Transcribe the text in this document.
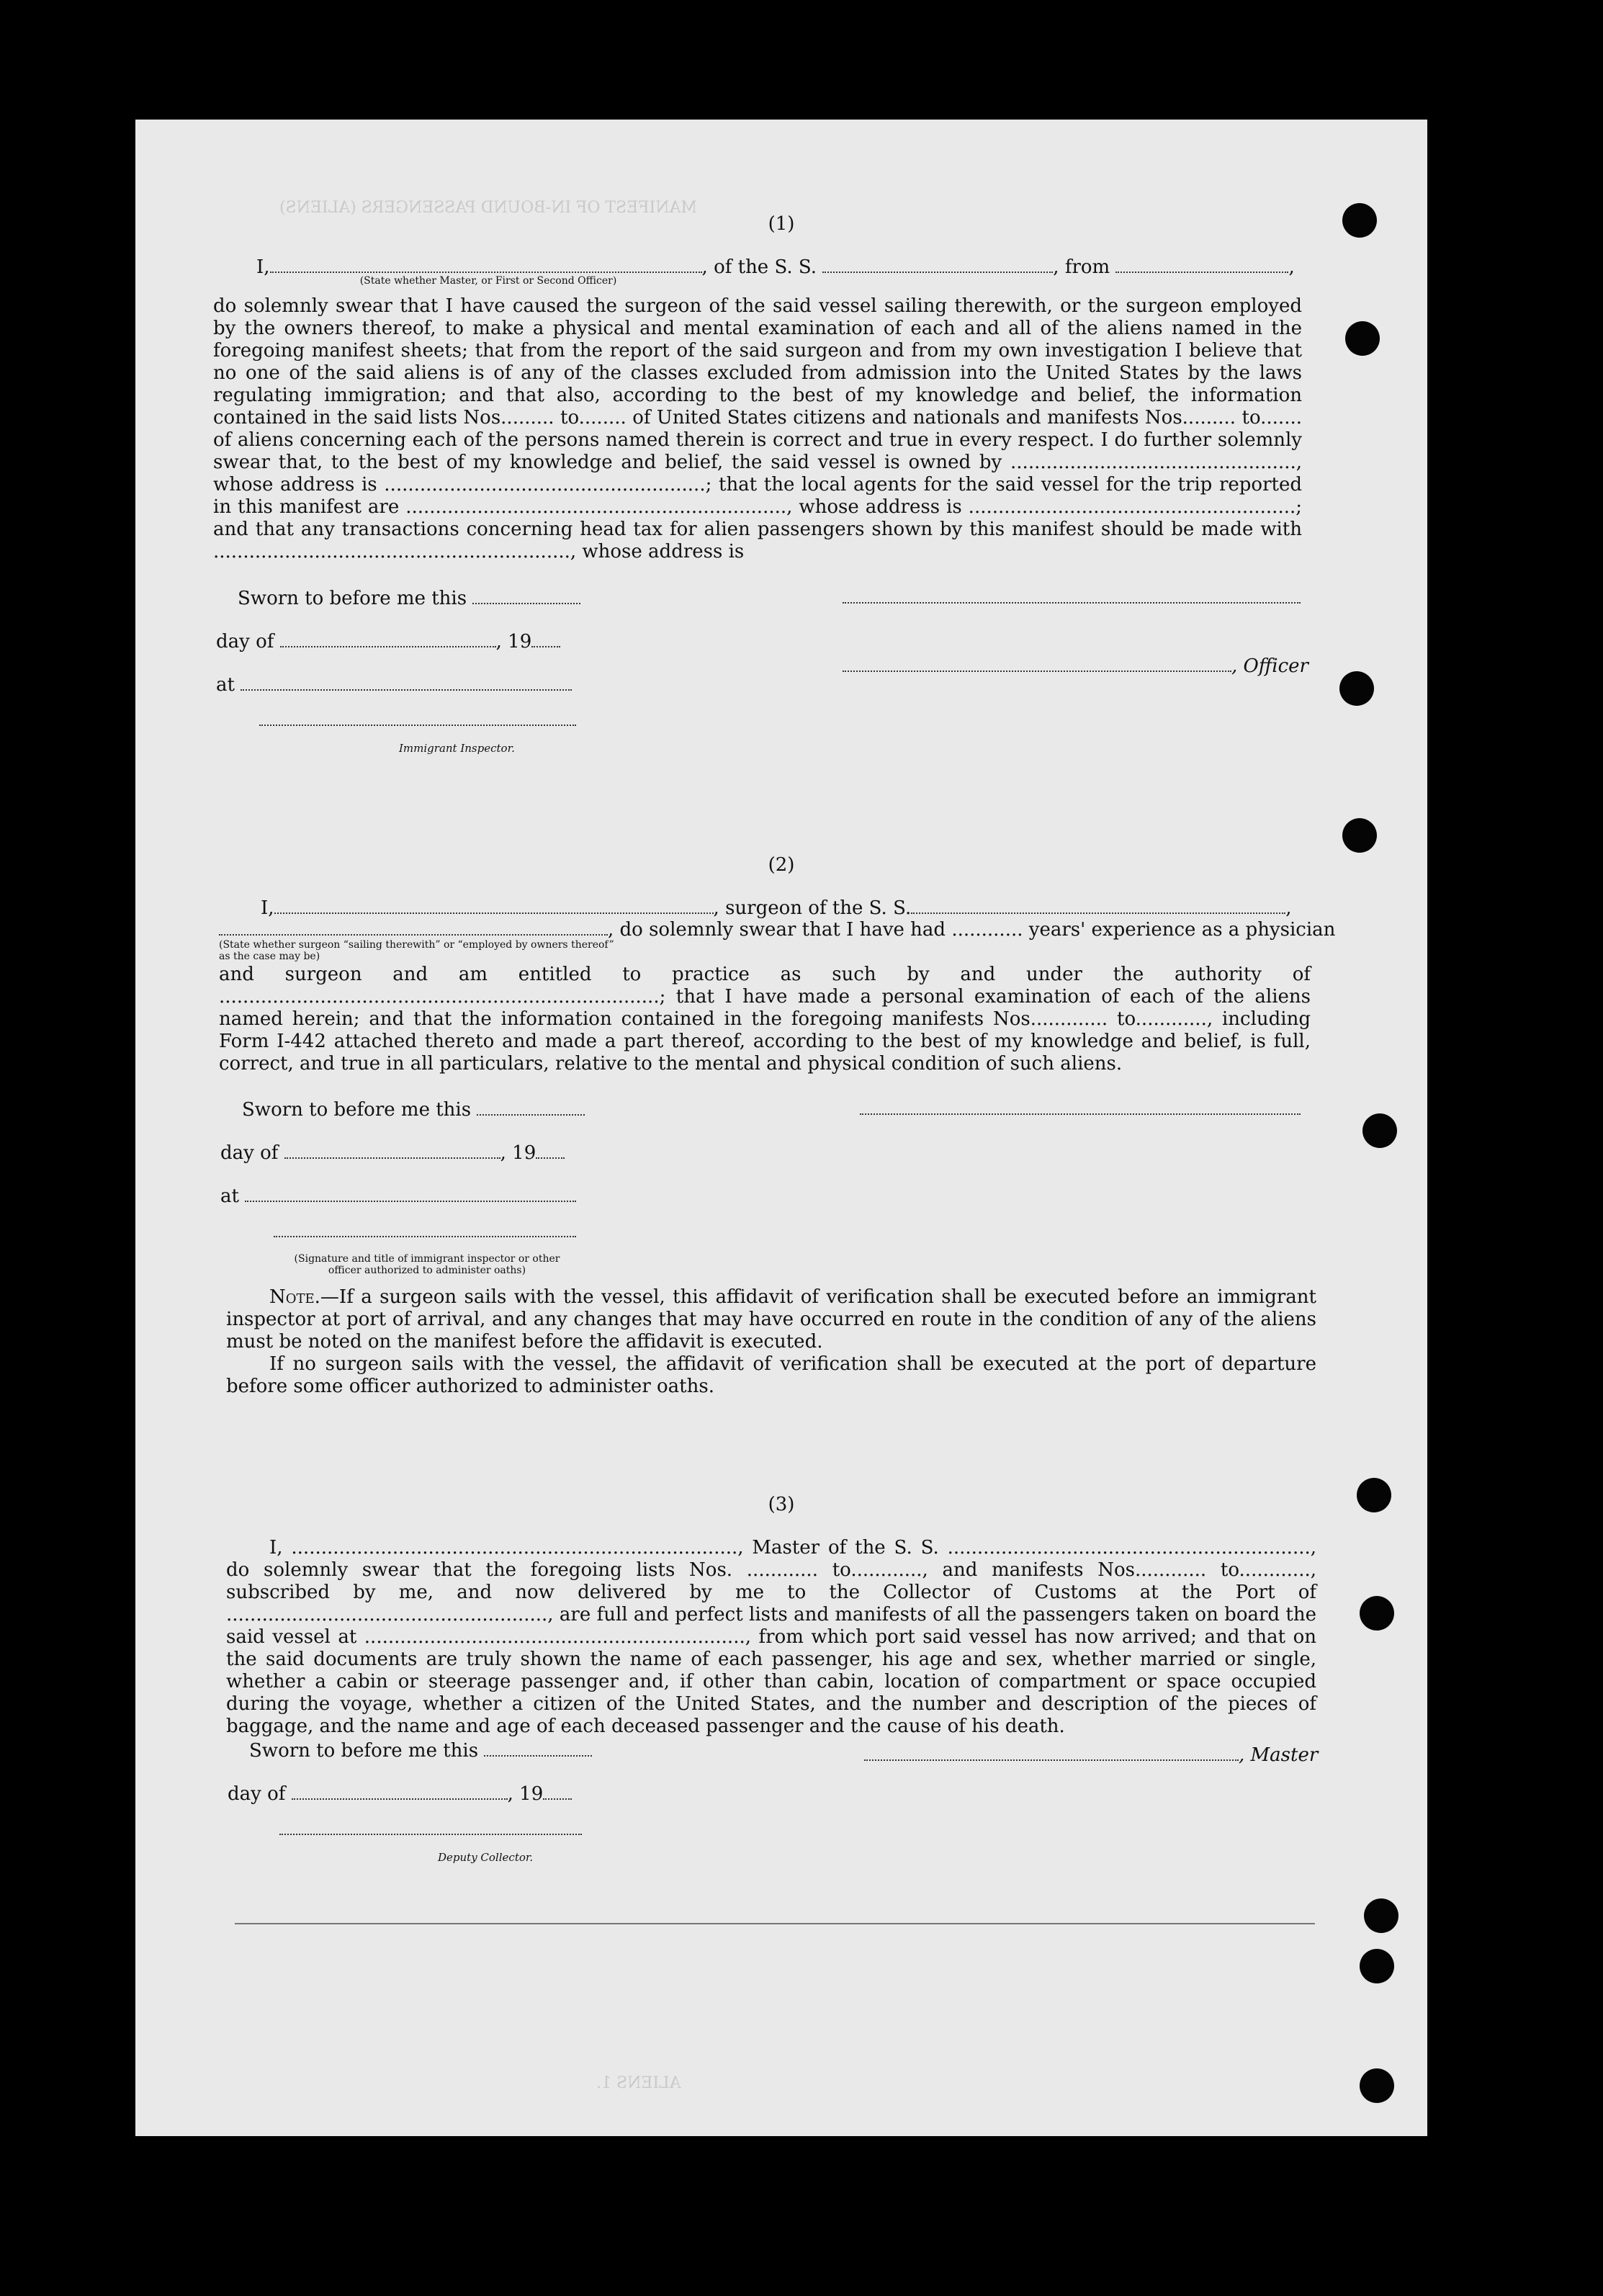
MANIFEST OF IN-BOUND PASSENGERS (ALIENS)
ALIENS 1.
(1)
I,	, of the S. S.	, from	,
(State whether Master, or First or Second Officer)
do solemnly swear that I have caused the surgeon of the said vessel sailing therewith, or the surgeon employed by the owners thereof, to make a physical and mental examination of each and all of the aliens named in the foregoing manifest sheets; that from the report of the said surgeon and from my own investigation I believe that no one of the said aliens is of any of the classes excluded from admission into the United States by the laws regulating immigration; and that also, according to the best of my knowledge and belief, the information contained in the said lists Nos......... to........ of United States citizens and nationals and manifests Nos......... to....... of aliens concerning each of the persons named therein is correct and true in every respect. I do further solemnly swear that, to the best of my knowledge and belief, the said vessel is owned by ................................................, whose address is ......................................................; that the local agents for the said vessel for the trip reported in this manifest are ................................................................, whose address is .......................................................; and that any transactions concerning head tax for alien passengers shown by this manifest should be made with ............................................................, whose address is
Sworn to before me this
day of	, 19
at
Immigrant Inspector.
, Officer
(2)
I,	, surgeon of the S. S.	,
, do solemnly swear that I have had ............ years' experience as a physician
(State whether surgeon “sailing therewith” or “employed by owners thereof” as the case may be)
and surgeon and am entitled to practice as such by and under the authority of ..........................................................................; that I have made a personal examination of each of the aliens named herein; and that the information contained in the foregoing manifests Nos............. to............, including Form I-442 attached thereto and made a part thereof, according to the best of my knowledge and belief, is full, correct, and true in all particulars, relative to the mental and physical condition of such aliens.
Sworn to before me this
day of	, 19
at
(Signature and title of immigrant inspector or other officer authorized to administer oaths)
Note.—If a surgeon sails with the vessel, this affidavit of verification shall be executed before an immigrant inspector at port of arrival, and any changes that may have occurred en route in the condition of any of the aliens must be noted on the manifest before the affidavit is executed.
If no surgeon sails with the vessel, the affidavit of verification shall be executed at the port of departure before some officer authorized to administer oaths.
(3)
I, ..........................................................................., Master of the S. S. ............................................................., do solemnly swear that the foregoing lists Nos. ............ to............, and manifests Nos............ to............, subscribed by me, and now delivered by me to the Collector of Customs at the Port of ......................................................, are full and perfect lists and manifests of all the passengers taken on board the said vessel at ................................................................, from which port said vessel has now arrived; and that on the said documents are truly shown the name of each passenger, his age and sex, whether married or single, whether a cabin or steerage passenger and, if other than cabin, location of compartment or space occupied during the voyage, whether a citizen of the United States, and the number and description of the pieces of baggage, and the name and age of each deceased passenger and the cause of his death.
Sworn to before me this
day of	, 19
Deputy Collector.
, Master
